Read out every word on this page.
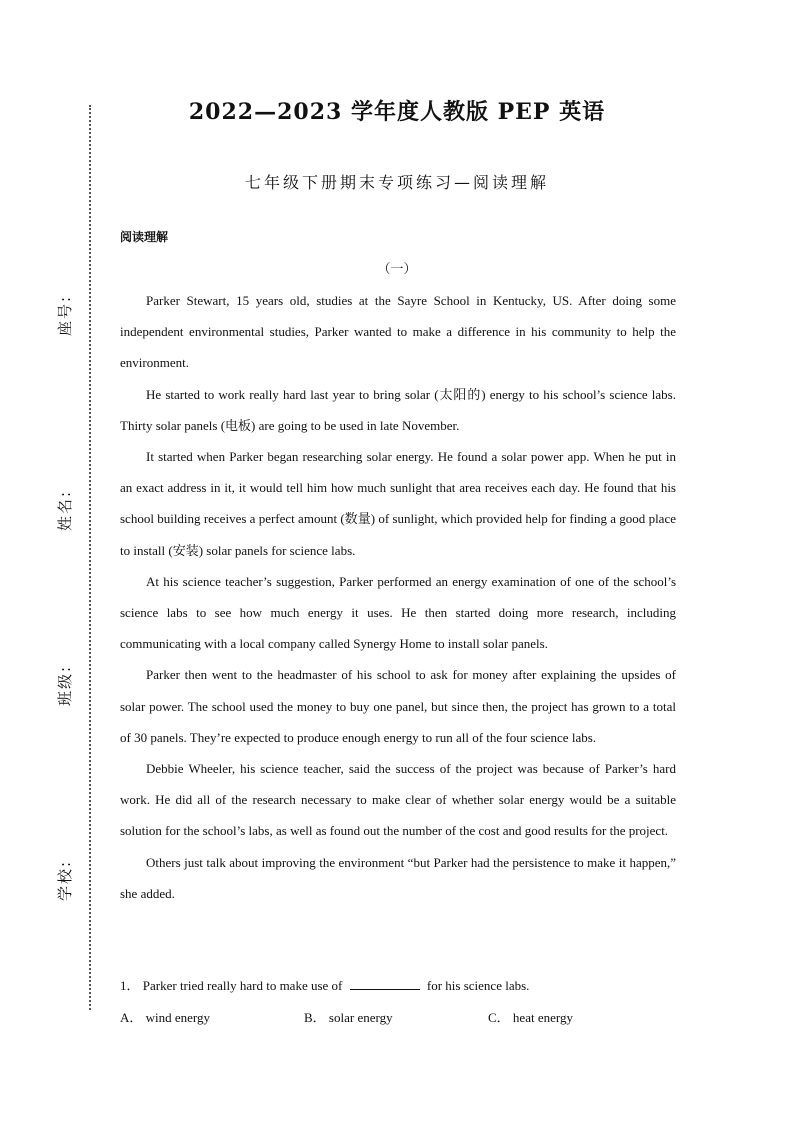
座号:
姓名:
班级:
学校:
2022—2023 学年度人教版 PEP 英语
七年级下册期末专项练习—阅读理解
阅读理解
（一）

Parker Stewart, 15 years old, studies at the Sayre School in Kentucky, US. After doing some independent environmental studies, Parker wanted to make a difference in his community to help the environment.

He started to work really hard last year to bring solar (太阳的) energy to his school’s science labs. Thirty solar panels (电板) are going to be used in late November.

It started when Parker began researching solar energy. He found a solar power app. When he put in an exact address in it, it would tell him how much sunlight that area receives each day. He found that his school building receives a perfect amount (数量) of sunlight, which provided help for finding a good place to install (安装) solar panels for science labs.

At his science teacher’s suggestion, Parker performed an energy examination of one of the school’s science labs to see how much energy it uses. He then started doing more research, including communicating with a local company called Synergy Home to install solar panels.

Parker then went to the headmaster of his school to ask for money after explaining the upsides of solar power. The school used the money to buy one panel, but since then, the project has grown to a total of 30 panels. They’re expected to produce enough energy to run all of the four science labs.

Debbie Wheeler, his science teacher, said the success of the project was because of Parker’s hard work. He did all of the research necessary to make clear of whether solar energy would be a suitable solution for the school’s labs, as well as found out the number of the cost and good results for the project.

Others just talk about improving the environment “but Parker had the persistence to make it happen,” she added.

1． Parker tried really hard to make use of	for his science labs.
A． wind energy	B． solar energy	C． heat energy
